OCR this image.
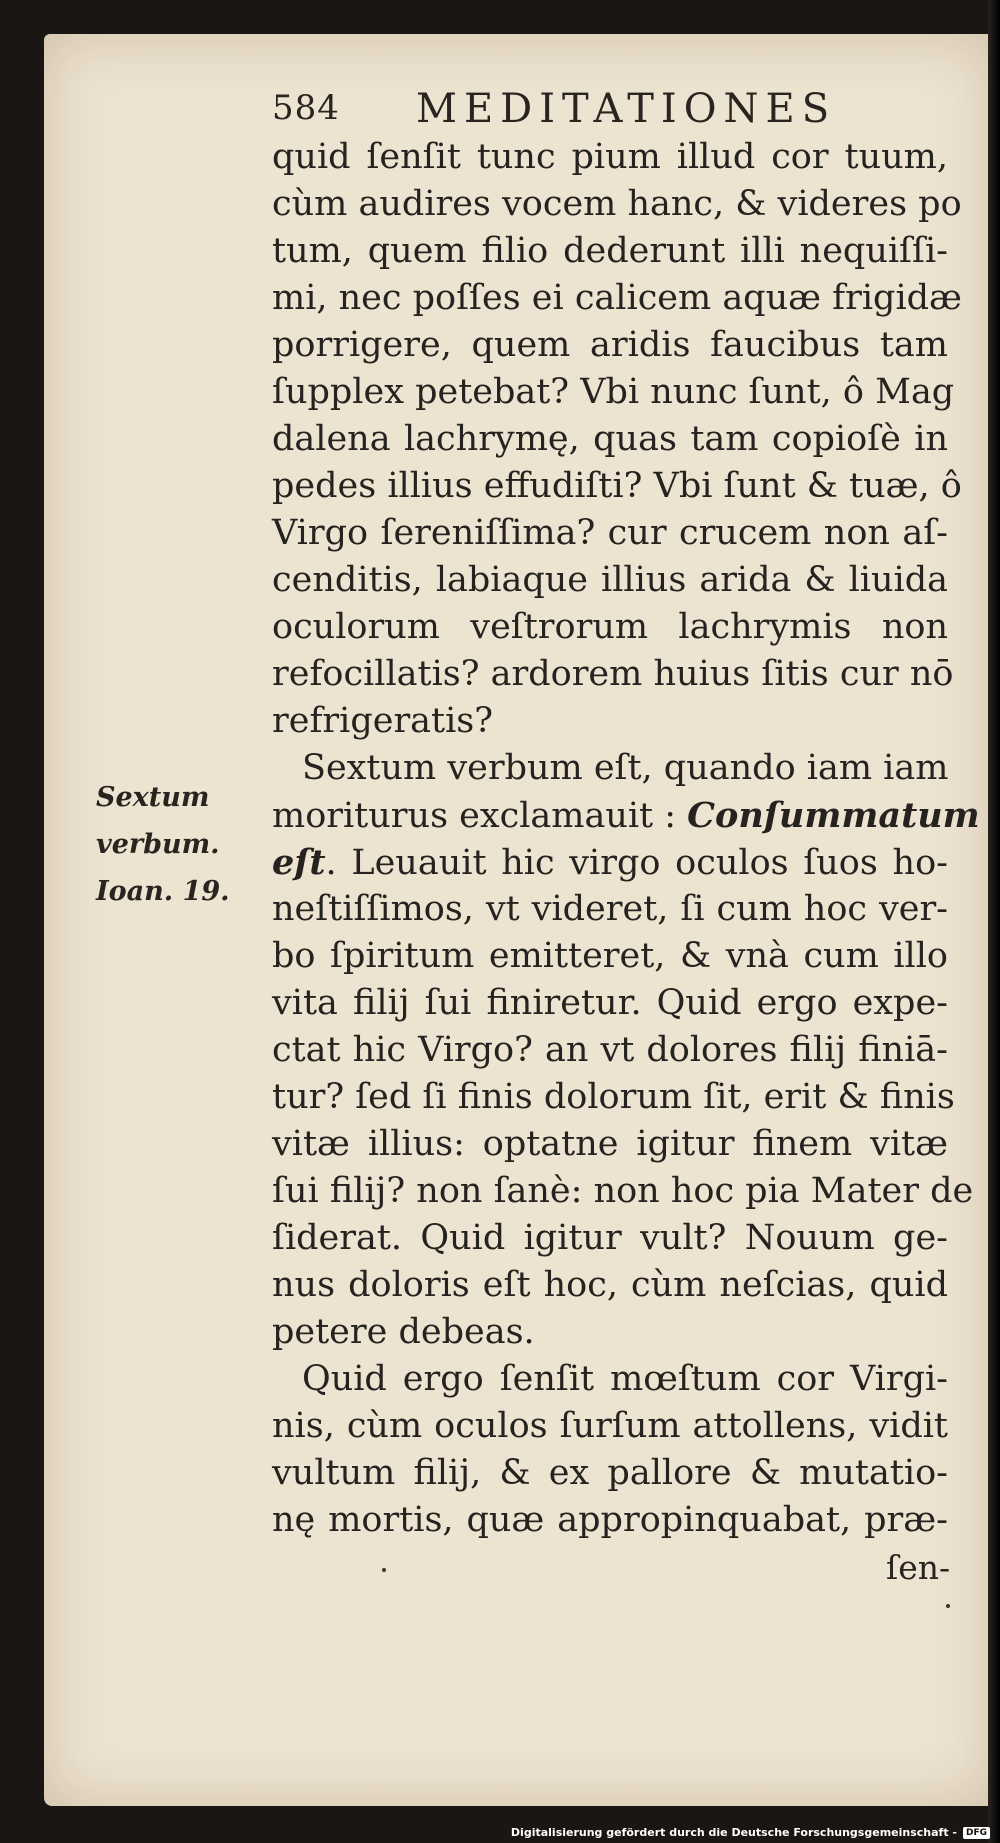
584 MEDITATIONES
Sextum
verbum.
Ioan. 19.
quid ſenſit tunc pium illud cor tuum,
cùm audires vocem hanc, & videres po
tum, quem filio dederunt illi nequiſſi-
mi, nec poſſes ei calicem aquæ frigidæ
porrigere, quem aridis faucibus tam
ſupplex petebat? Vbi nunc ſunt, ô Mag
dalena lachrymę, quas tam copioſè in
pedes illius effudiſti? Vbi ſunt & tuæ, ô
Virgo ſereniſſima? cur crucem non aſ-
cenditis, labiaque illius arida & liuida
oculorum veſtrorum lachrymis non
refocillatis? ardorem huius ſitis cur nō
refrigeratis?
Sextum verbum eſt, quando iam iam
moriturus exclamauit : Conſummatum
eſt. Leuauit hic virgo oculos ſuos ho-
neſtiſſimos, vt videret, ſi cum hoc ver-
bo ſpiritum emitteret, & vnà cum illo
vita filij ſui finiretur. Quid ergo expe-
ctat hic Virgo? an vt dolores filij finiā-
tur? ſed ſi finis dolorum ſit, erit & finis
vitæ illius: optatne igitur finem vitæ
ſui filij? non ſanè: non hoc pia Mater de
ſiderat. Quid igitur vult? Nouum ge-
nus doloris eſt hoc, cùm neſcias, quid
petere debeas.
Quid ergo ſenſit mœſtum cor Virgi-
nis, cùm oculos ſurſum attollens, vidit
vultum filij, & ex pallore & mutatio-
nę mortis, quæ appropinquabat, præ-
ſen-
Digitalisierung gefördert durch die Deutsche Forschungsgemeinschaft -	DFG
